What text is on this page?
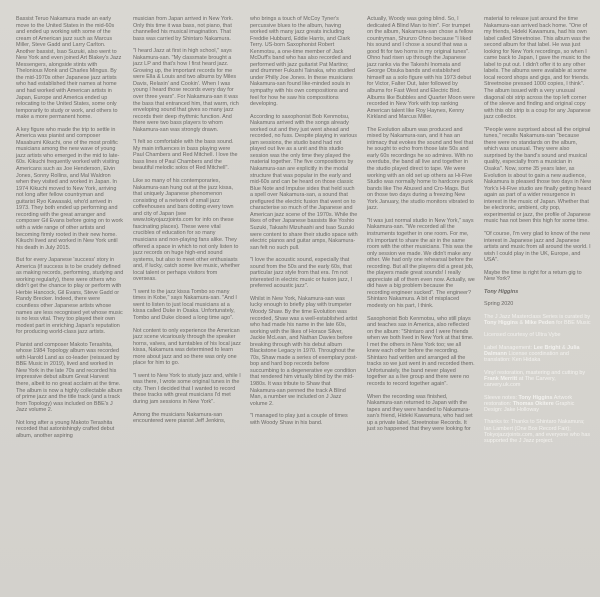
Bassist Teruo Nakamura made an early move to the United States in the mid-60s and ended up working with some of the cream of American jazz such as Marcus Miller, Steve Gadd and Larry Carlton. Another bassist, Isao Suzuki, also went to New York and even joined Art Blakey's Jazz Messengers, alongside stints with Thelonious Monk and Charles Mingus. By the mid-1970s other Japanese jazz artists who had established their names at home and had worked with American artists in Japan, Europe and America ended up relocating to the United States, some only temporarily to study or work, and others to make a more permanent home.

A key figure who made the trip to settle in America was pianist and composer Masabumi Kikuchi, one of the most prolific musicians among the new wave of young jazz artists who emerged in the mid to late-60s. Kikuchi frequently worked with visiting Americans such as Joe Henderson, Elvin Jones, Sonny Rollins, and Mal Waldron when they visited and worked in Japan. In 1974 Kikuchi moved to New York, arriving not long after fellow countryman and guitarist Ryo Kawasaki, who'd arrived in 1973. They both ended up performing and recording with the great arranger and composer Gil Evans before going on to work with a wide range of other artists and becoming firmly rooted in their new home. Kikuchi lived and worked in New York until his death in July 2015.

But for every Japanese 'success' story in America (if success is to be crudely defined as making records, performing, studying and working regularly), there were others who didn't get the chance to play or perform with Herbie Hancock, Gil Evans, Steve Gadd or Randy Brecker. Indeed, there were countless other Japanese artists whose names are less recognised yet whose music is no less vital. They too played their own modest part in enriching Japan's reputation for producing world-class jazz artists.

Pianist and composer Makoto Terashita, whose 1984 Topology album was recorded with Harold Land as co-leader (reissued by BBE Music in 2019), lived and worked in New York in the late 70s and recorded his impressive debut album Great Harvest there, albeit to no great acclaim at the time. The album is now a highly collectable album of prime jazz and the title track (and a track from Topology) was included on BBE's J Jazz volume 2.

Not long after a young Makoto Terashita recorded that astonishingly crafted debut album, another aspiring

musician from Japan arrived in New York. Only this time it was bass, not piano, that channelled his musical imagination. That bass was carried by Shintaro Nakamura.

"I heard Jazz at first in high school," says Nakamura-san. "My classmate brought a jazz LP and that's how I first heard jazz. Growing up, the important records for me were Ella & Louis and two albums by Miles Davis, Relaxin' and Cookin'. When I was young I heard those records every day for over three years". For Nakamura-san it was the bass that entranced him, that warm, rich enveloping sound that gives so many jazz records their deep rhythmic function. And there were two bass players to whom Nakamura-san was strongly drawn.

"I felt so comfortable with the bass sound. My main influences in bass playing were Paul Chambers and Red Mitchell. I love the bass lines of Paul Chambers and the beautiful melodic solos of Red Mitchell".

Like so many of his contemporaries, Nakamura-san hung out at the jazz kissa, that uniquely Japanese phenomenon consisting of a network of small jazz coffeehouses and bars dotting every town and city of Japan (see www.tokyojazzjoints.com for info on these fascinating places). These were vital crucibles of education for so many musicians and non-playing fans alike. They offered a space in which to not only listen to jazz records on huge high-end sound systems, but also to meet other enthusiasts and, if lucky, catch some live music, whether local talent or perhaps visitors from overseas.

"I went to the jazz kissa Tombo so many times in Kobe," says Nakamura-san. "And I went to listen to just local musicians at a kissa called Duke in Osaka. Unfortunately, Tombo and Duke closed a long time ago".

Not content to only experience the American jazz scene vicariously through the speaker horns, valves, and turntables of his local jazz kissa, Nakamura was determined to learn more about jazz and so there was only one place for him to go.

"I went to New York to study jazz and, while I was there, I wrote some original tunes in the city. Then I decided that I wanted to record these tracks with great musicians I'd met during jam sessions in New York".

Among the musicians Nakamura-san encountered were pianist Jeff Jenkins,

who brings a touch of McCoy Tyner's percussive blues to the album, having worked with many jazz greats including Freddie Hubbard, Eddie Harris, and Clark Terry. US-born Saxophonist Robert Kenmotsu, a one-time member of Jack McDuff's band who has also recorded and performed with jazz guitarist Pat Martino; and drummer Fukushi Tainaka, who studied under Philly Joe Jones. In these musicians Nakamura-san found like-minded souls in sympathy with his own compositions and feel for how he saw his compositions developing.

According to saxophonist Bob Kenmotsu, Nakamura arrived with the songs already worked out and they just went ahead and recorded, no fuss. Despite playing in various jam sessions, the studio band had not played out live as a unit and this studio session was the only time they played the material together. The five compositions by Nakamura-san are explicitly in the modal structure that was popular in the early and mid-60s and can be heard on those classic Blue Note and Impulse sides that held such a spell over Nakamura-san, a sound that prefigured the electric fusion that went on to characterise so much of the Japanese and American jazz scene of the 1970s. While the likes of other Japanese bassists like Yoshio Suzuki, Takashi Mizuhashi and Isao Suzuki were content to share their studio space with electric pianos and guitar amps, Nakamura-san felt no such pull.

"I love the acoustic sound, especially that sound from the 50s and the early 60s, that particular jazz style from that era. I'm not interested in electric music or fusion jazz, I preferred acoustic jazz".

Whilst in New York, Nakamura-san was lucky enough to briefly play with trumpeter Woody Shaw. By the time Evolution was recorded, Shaw was a well-established artist who had made his name in the late 60s, working with the likes of Horace Silver, Jackie McLean, and Nathan Davies before breaking through with his debut album Blackstone Legacy in 1970. Throughout the 70s, Shaw made a series of exemplary post-bop and hard bop records before succumbing to a degenerative eye condition that rendered him virtually blind by the mid-1980s. It was tribute to Shaw that Nakamura-san penned the track A Blind Man, a number we included on J Jazz volume 2.

"I managed to play just a couple of times with Woody Shaw in his band.

Actually, Woody was going blind. So, I dedicated A Blind Man to him". For trumpet on the album, Nakamura-san chose a fellow countryman, Shunzo Ohno because "I liked his sound and I chose a sound that was a good fit for two horns in my original tunes". Ohno had risen up through the Japanese jazz ranks via the Takeshi Inomata and George Otsuka bands and established himself as a solo figure with his 1973 debut for Victor, Falter Out, later followed by albums for Fast West and Electric Bird. Albums like Bubbles and Quarter Moon were recorded in New York with top ranking American talent like Roy Haynes, Kenny Kirkland and Marcus Miller.

The Evolution album was produced and mixed by Nakamura-san, and it has an intimacy that evokes the sound and feel that he sought to echo from those late 50s and early 60s recordings he so admires. With no overdubs, the band all live and together in the studio played direct to tape. We were working with an old set up others as Hi-Five Studio was normally home to hardcore punk bands like The Abused and Cro-Mags. But on those two days during a freezing New York January, the studio monitors vibrated to jazz.

"It was just normal studio in New York," says Nakamura-san. "We recorded all the instruments together in one room. For me, it's important to share the air in the same room with the other musicians. This was the only session we made. We didn't make any other. We had only one rehearsal before the recording. But all the players did a great job, the players made great sounds! I really appreciate all of them even now. Actually, we did have a big problem because the recording engineer sucked". The engineer? Shintaro Nakamura. A bit of misplaced modesty on his part, I think.

Saxophonist Bob Kenmotsu, who still plays and teaches sax in America, also reflected on the album: "Shintaro and I were friends when we both lived in New York at that time. I met the others in New York too; we all knew each other before the recording. Shintaro had written and arranged all the tracks so we just went in and recorded them. Unfortunately, the band never played together as a live group and there were no records to record together again".

When the recording was finished, Nakamura-san returned to Japan with the tapes and they were handed to Nakamura-san's friend, Hideki Kawamura, who had set up a private label, Streetnoise Records. It just so happened that they were looking for

material to release just around the time Nakamura-san arrived back home. "One of my friends, Hideki Kawamura, had his own label called Streetnoise. This album was the second album for that label. He was just looking for New York recordings, so when I came back to Japan, I gave the music to the label to put out. I didn't offer it to any other labels. The albums were available at some local record shops and gigs, and for friends. Streetnoise pressed 1000 copies, I think". The album issued with a very unusual diagonal obi strip across the top left corner of the sleeve and finding and original copy with this obi strip is a coup for any Japanese jazz collector.

"People were surprised about all the original tunes," recalls Nakamura-san "because there were no standards on the album, which was unusual. They were also surprised by the band's sound and musical quality, especially from a musician in Osaka". Now, some 35 years later, as Evolution is about to gain a new audience, Nakamura is pleased those two days in New York's Hi-Five studio are finally getting heard again as part of a wider resurgence in interest in the music of Japan. Whether that be electronic, ambient, city pop, experimental or jazz, the profile of Japanese music has not been this high for some time.

"Of course, I'm very glad to know of the new interest in Japanese jazz and Japanese artists and music from all around the world. I wish I could play in the UK, Europe, and USA".

Maybe the time is right for a return gig to New York?

Tony Higgins

Spring 2020

The J Jazz Masterclass Series is curated by Tony Higgins & Mike Peden for BBE Music

Licensed courtesy of Ultra Vybe

Label Management: Lee Bright & Julia Dalmann License coordination and translation: Ken Hidaka

Vinyl restoration, mastering and cutting by Frank Merritt at The Carvery, carvery.uk.com

Sleeve notes: Tony Higgins Artwork restoration: Thomas Okitere Graphic Design: Jake Holloway

Thanks to: Thanks to Shintaro Nakamura; Ian Lambert (One Box Record Fair); Tokyojazzjoints.com, and everyone who has supported the J Jazz project.
